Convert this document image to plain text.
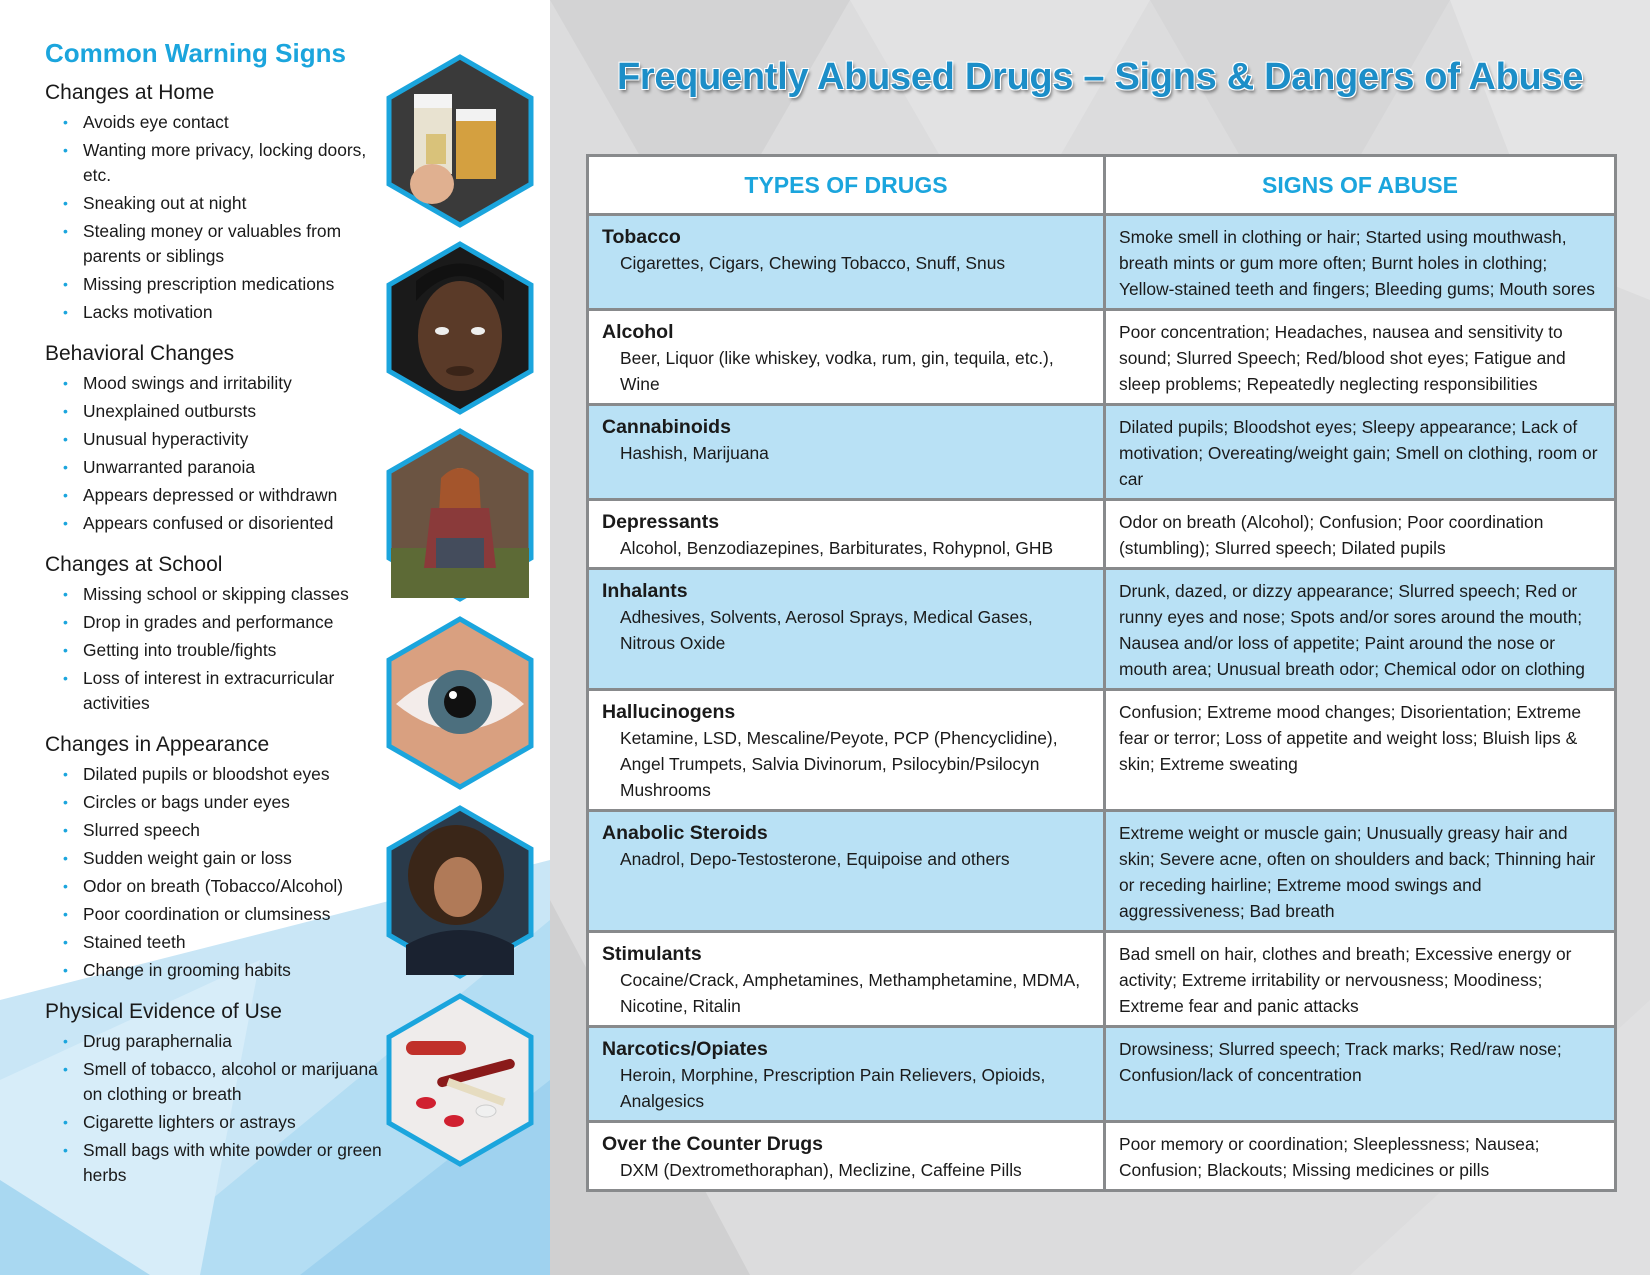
Common Warning Signs
Changes at Home
• Avoids eye contact
• Wanting more privacy, locking doors, etc.
• Sneaking out at night
• Stealing money or valuables from parents or siblings
• Missing prescription medications
• Lacks motivation
Behavioral Changes
• Mood swings and irritability
• Unexplained outbursts
• Unusual hyperactivity
• Unwarranted paranoia
• Appears depressed or withdrawn
• Appears confused or disoriented
Changes at School
• Missing school or skipping classes
• Drop in grades and performance
• Getting into trouble/fights
• Loss of interest in extracurricular activities
Changes in Appearance
• Dilated pupils or bloodshot eyes
• Circles or bags under eyes
• Slurred speech
• Sudden weight gain or loss
• Odor on breath (Tobacco/Alcohol)
• Poor coordination or clumsiness
• Stained teeth
• Change in grooming habits
Physical Evidence of Use
• Drug paraphernalia
• Smell of tobacco, alcohol or marijuana on clothing or breath
• Cigarette lighters or astrays
• Small bags with white powder or green herbs
Frequently Abused Drugs – Signs & Dangers of Abuse
TYPES OF DRUGS	SIGNS OF ABUSE

Tobacco
Cigarettes, Cigars, Chewing Tobacco, Snuff, Snus	Smoke smell in clothing or hair; Started using mouthwash, breath mints or gum more often; Burnt holes in clothing; Yellow-stained teeth and fingers; Bleeding gums; Mouth sores

Alcohol
Beer, Liquor (like whiskey, vodka, rum, gin, tequila, etc.), Wine	Poor concentration; Headaches, nausea and sensitivity to sound; Slurred Speech; Red/blood shot eyes; Fatigue and sleep problems; Repeatedly neglecting responsibilities

Cannabinoids
Hashish, Marijuana	Dilated pupils; Bloodshot eyes; Sleepy appearance; Lack of motivation; Overeating/weight gain; Smell on clothing, room or car

Depressants
Alcohol, Benzodiazepines, Barbiturates, Rohypnol, GHB	Odor on breath (Alcohol); Confusion; Poor coordination (stumbling); Slurred speech; Dilated pupils

Inhalants
Adhesives, Solvents, Aerosol Sprays, Medical Gases, Nitrous Oxide	Drunk, dazed, or dizzy appearance; Slurred speech; Red or runny eyes and nose; Spots and/or sores around the mouth; Nausea and/or loss of appetite; Paint around the nose or mouth area; Unusual breath odor; Chemical odor on clothing

Hallucinogens
Ketamine, LSD, Mescaline/Peyote, PCP (Phencyclidine), Angel Trumpets, Salvia Divinorum, Psilocybin/Psilocyn Mushrooms	Confusion; Extreme mood changes; Disorientation; Extreme fear or terror; Loss of appetite and weight loss; Bluish lips & skin; Extreme sweating

Anabolic Steroids
Anadrol, Depo-Testosterone, Equipoise and others	Extreme weight or muscle gain; Unusually greasy hair and skin; Severe acne, often on shoulders and back; Thinning hair or receding hairline; Extreme mood swings and aggressiveness; Bad breath

Stimulants
Cocaine/Crack, Amphetamines, Methamphetamine, MDMA, Nicotine, Ritalin	Bad smell on hair, clothes and breath; Excessive energy or activity; Extreme irritability or nervousness; Moodiness; Extreme fear and panic attacks

Narcotics/Opiates
Heroin, Morphine, Prescription Pain Relievers, Opioids, Analgesics	Drowsiness; Slurred speech; Track marks; Red/raw nose; Confusion/lack of concentration

Over the Counter Drugs
DXM (Dextromethoraphan), Meclizine, Caffeine Pills	Poor memory or coordination; Sleeplessness; Nausea; Confusion; Blackouts; Missing medicines or pills
